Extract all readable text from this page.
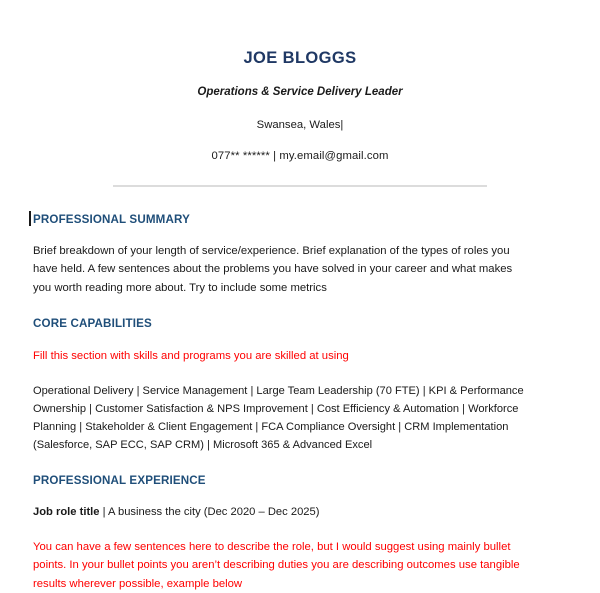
JOE BLOGGS

Operations & Service Delivery Leader

Swansea, Wales|

077** ****** | my.email@gmail.com

PROFESSIONAL SUMMARY
Brief breakdown of your length of service/experience. Brief explanation of the types of roles you have held. A few sentences about the problems you have solved in your career and what makes you worth reading more about. Try to include some metrics
CORE CAPABILITIES
Fill this section with skills and programs you are skilled at using
Operational Delivery | Service Management | Large Team Leadership (70 FTE) | KPI & Performance Ownership | Customer Satisfaction & NPS Improvement | Cost Efficiency & Automation | Workforce Planning | Stakeholder & Client Engagement | FCA Compliance Oversight | CRM Implementation (Salesforce, SAP ECC, SAP CRM) | Microsoft 365 & Advanced Excel
PROFESSIONAL EXPERIENCE
Job role title | A business the city (Dec 2020 – Dec 2025)
You can have a few sentences here to describe the role, but I would suggest using mainly bullet points. In your bullet points you aren’t describing duties you are describing outcomes use tangible results wherever possible, example below
